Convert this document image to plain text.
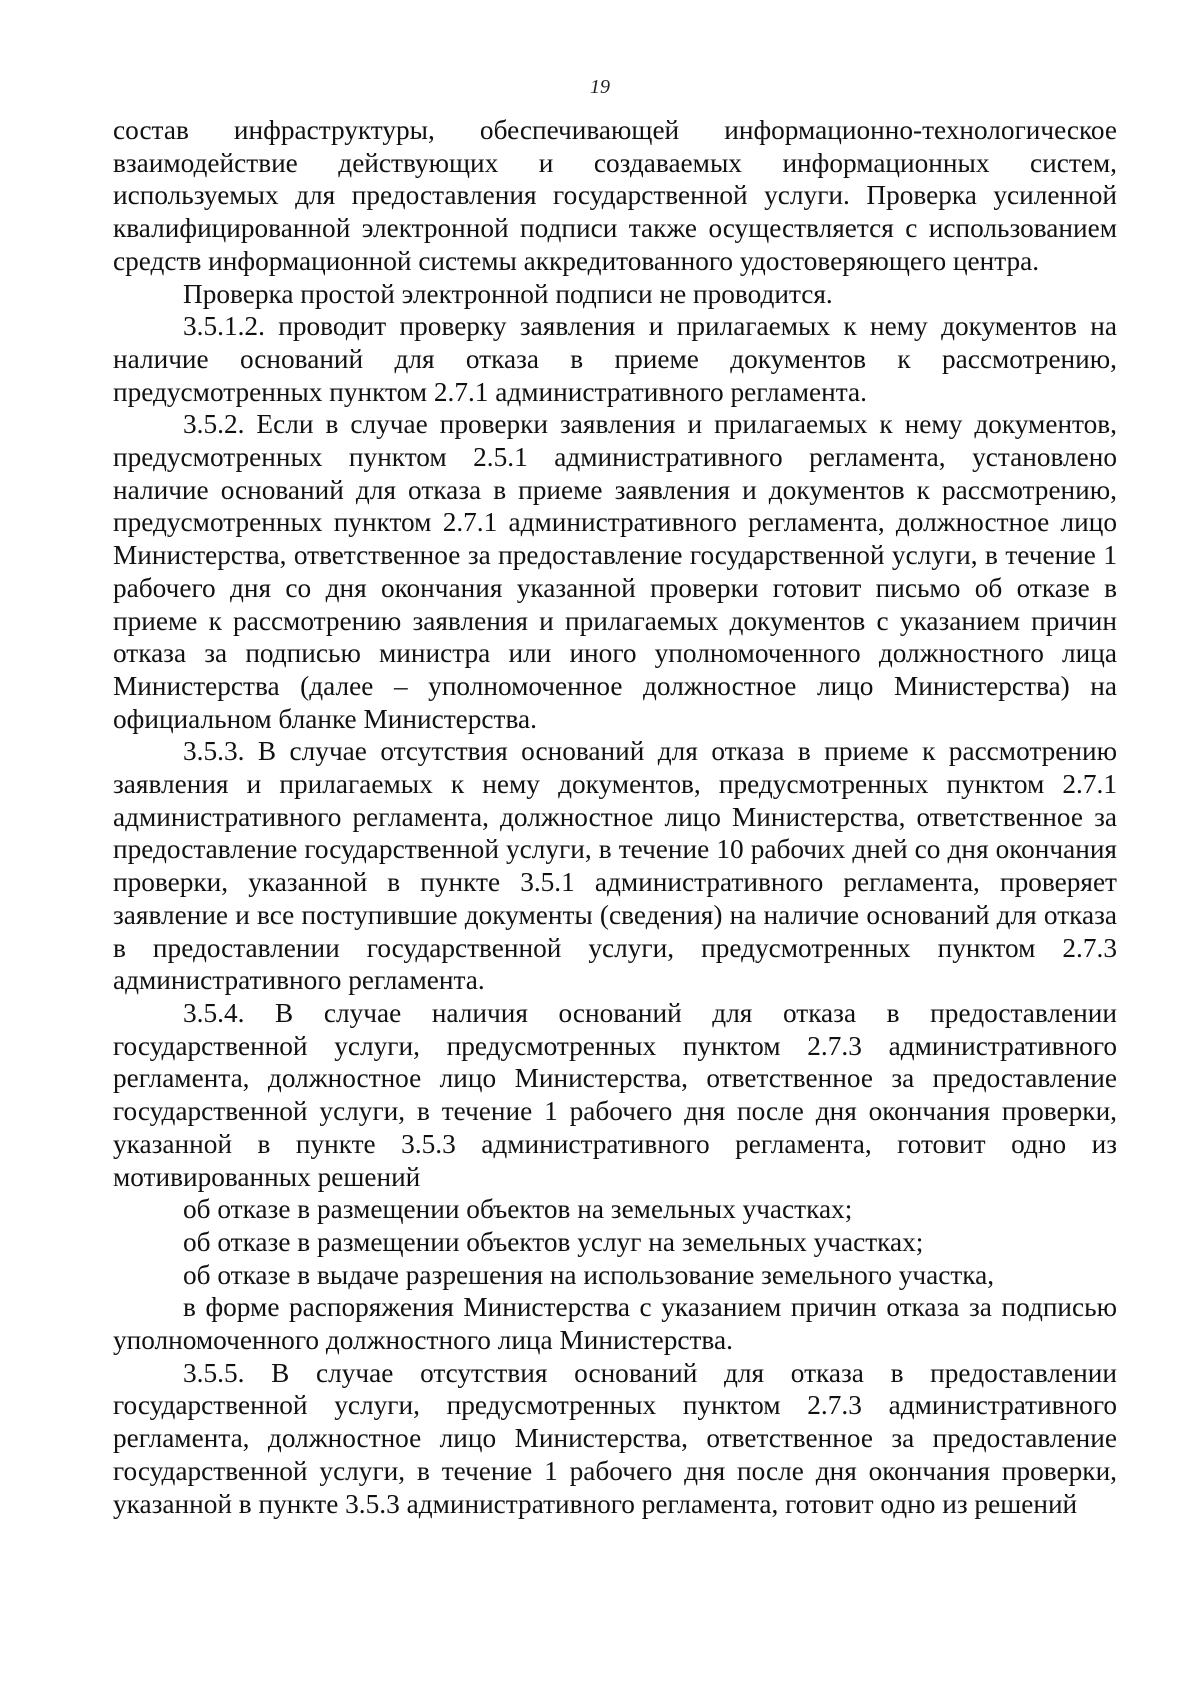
19

состав инфраструктуры, обеспечивающей информационно-технологическое взаимодействие действующих и создаваемых информационных систем, используемых для предоставления государственной услуги. Проверка усиленной квалифицированной электронной подписи также осуществляется с использованием средств информационной системы аккредитованного удостоверяющего центра.

Проверка простой электронной подписи не проводится.

3.5.1.2. проводит проверку заявления и прилагаемых к нему документов на наличие оснований для отказа в приеме документов к рассмотрению, предусмотренных пунктом 2.7.1 административного регламента.

3.5.2. Если в случае проверки заявления и прилагаемых к нему документов, предусмотренных пунктом 2.5.1 административного регламента, установлено наличие оснований для отказа в приеме заявления и документов к рассмотрению, предусмотренных пунктом 2.7.1 административного регламента, должностное лицо Министерства, ответственное за предоставление государственной услуги, в течение 1 рабочего дня со дня окончания указанной проверки готовит письмо об отказе в приеме к рассмотрению заявления и прилагаемых документов с указанием причин отказа за подписью министра или иного уполномоченного должностного лица Министерства (далее – уполномоченное должностное лицо Министерства) на официальном бланке Министерства.

3.5.3. В случае отсутствия оснований для отказа в приеме к рассмотрению заявления и прилагаемых к нему документов, предусмотренных пунктом 2.7.1 административного регламента, должностное лицо Министерства, ответственное за предоставление государственной услуги, в течение 10 рабочих дней со дня окончания проверки, указанной в пункте 3.5.1 административного регламента, проверяет заявление и все поступившие документы (сведения) на наличие оснований для отказа в предоставлении государственной услуги, предусмотренных пунктом 2.7.3 административного регламента.

3.5.4. В случае наличия оснований для отказа в предоставлении государственной услуги, предусмотренных пунктом 2.7.3 административного регламента, должностное лицо Министерства, ответственное за предоставление государственной услуги, в течение 1 рабочего дня после дня окончания проверки, указанной в пункте 3.5.3 административного регламента, готовит одно из мотивированных решений

об отказе в размещении объектов на земельных участках;

об отказе в размещении объектов услуг на земельных участках;

об отказе в выдаче разрешения на использование земельного участка,

в форме распоряжения Министерства с указанием причин отказа за подписью уполномоченного должностного лица Министерства.

3.5.5. В случае отсутствия оснований для отказа в предоставлении государственной услуги, предусмотренных пунктом 2.7.3 административного регламента, должностное лицо Министерства, ответственное за предоставление государственной услуги, в течение 1 рабочего дня после дня окончания проверки, указанной в пункте 3.5.3 административного регламента, готовит одно из решений
